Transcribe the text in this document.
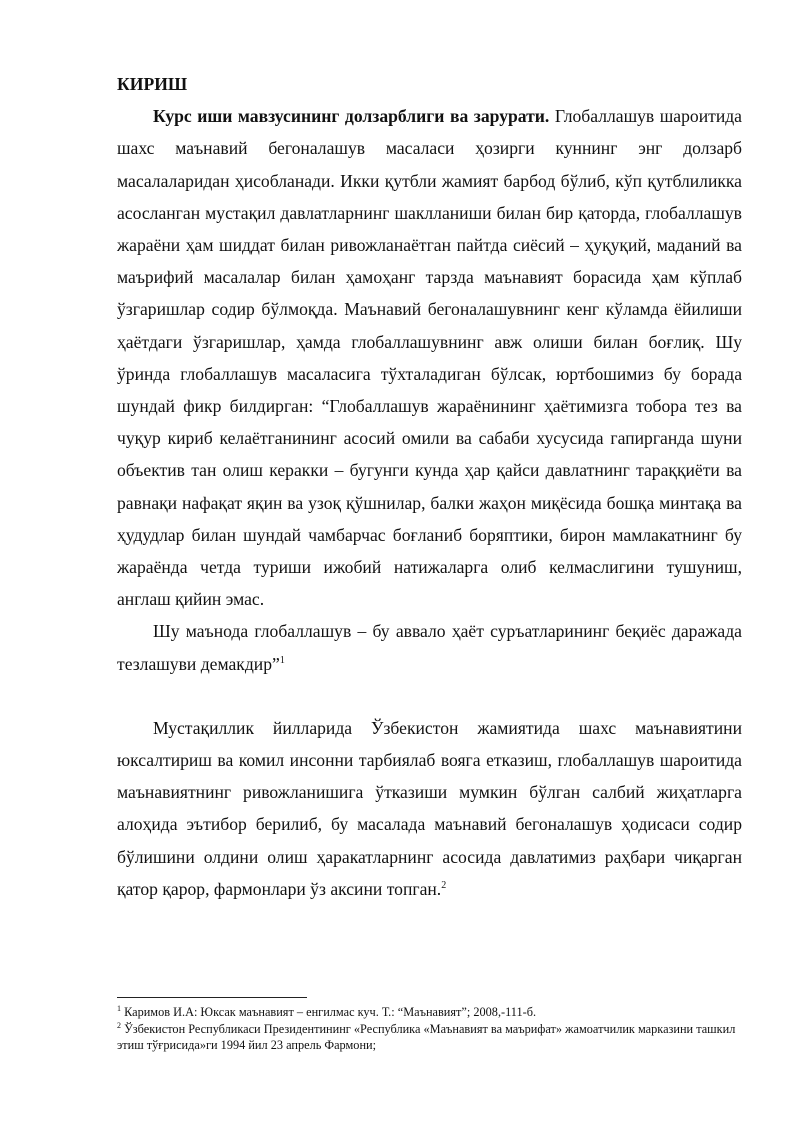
КИРИШ

Курс иши мавзусининг долзарблиги ва зарурати. Глобаллашув шароитида шахс маънавий бегоналашув масаласи ҳозирги куннинг энг долзарб масалаларидан ҳисобланади. Икки қутбли жамият барбод бўлиб, кўп қутблиликка асосланган мустақил давлатларнинг шаклланиши билан бир қаторда, глобаллашув жараёни ҳам шиддат билан ривожланаётган пайтда сиёсий – ҳуқуқий, маданий ва маърифий масалалар билан ҳамоҳанг тарзда маънавият борасида ҳам кўплаб ўзгаришлар содир бўлмоқда. Маънавий бегоналашувнинг кенг кўламда ёйилиши ҳаётдаги ўзгаришлар, ҳамда глобаллашувнинг авж олиши билан боғлиқ. Шу ўринда глобаллашув масаласига тўхталадиган бўлсак, юртбошимиз бу борада шундай фикр билдирган: “Глобаллашув жараёнининг ҳаётимизга тобора тез ва чуқур кириб келаётганининг асосий омили ва сабаби хусусида гапирганда шуни объектив тан олиш керакки – бугунги кунда ҳар қайси давлатнинг тараққиёти ва равнақи нафақат яқин ва узоқ қўшнилар, балки жаҳон миқёсида бошқа минтақа ва ҳудудлар билан шундай чамбарчас боғланиб боряптики, бирон мамлакатнинг бу жараёнда четда туриши ижобий натижаларга олиб келмаслигини тушуниш, англаш қийин эмас.

Шу маънода глобаллашув – бу аввало ҳаёт суръатларининг беқиёс даражада тезлашуви демакдир”$^1$

Мустақиллик йилларида Ўзбекистон жамиятида шахс маънавиятини юксалтириш ва комил инсонни тарбиялаб вояга етказиш, глобаллашув шароитида маънавиятнинг ривожланишига ўтказиши мумкин бўлган салбий жиҳатларга алоҳида эътибор берилиб, бу масалада маънавий бегоналашув ҳодисаси содир бўлишини олдини олиш ҳаракатларнинг асосида давлатимиз раҳбари чиқарган қатор қарор, фармонлари ўз аксини топган.$^2$

$^1$ Каримов И.А: Юксак маънавият – енгилмас куч. Т.: “Маънавият”; 2008,-111-б.

$^2$ Ўзбекистон Республикаси Президентининг «Республика «Маънавият ва маърифат» жамоатчилик марказини ташкил этиш тўғрисида»ги 1994 йил 23 апрель Фармони;
